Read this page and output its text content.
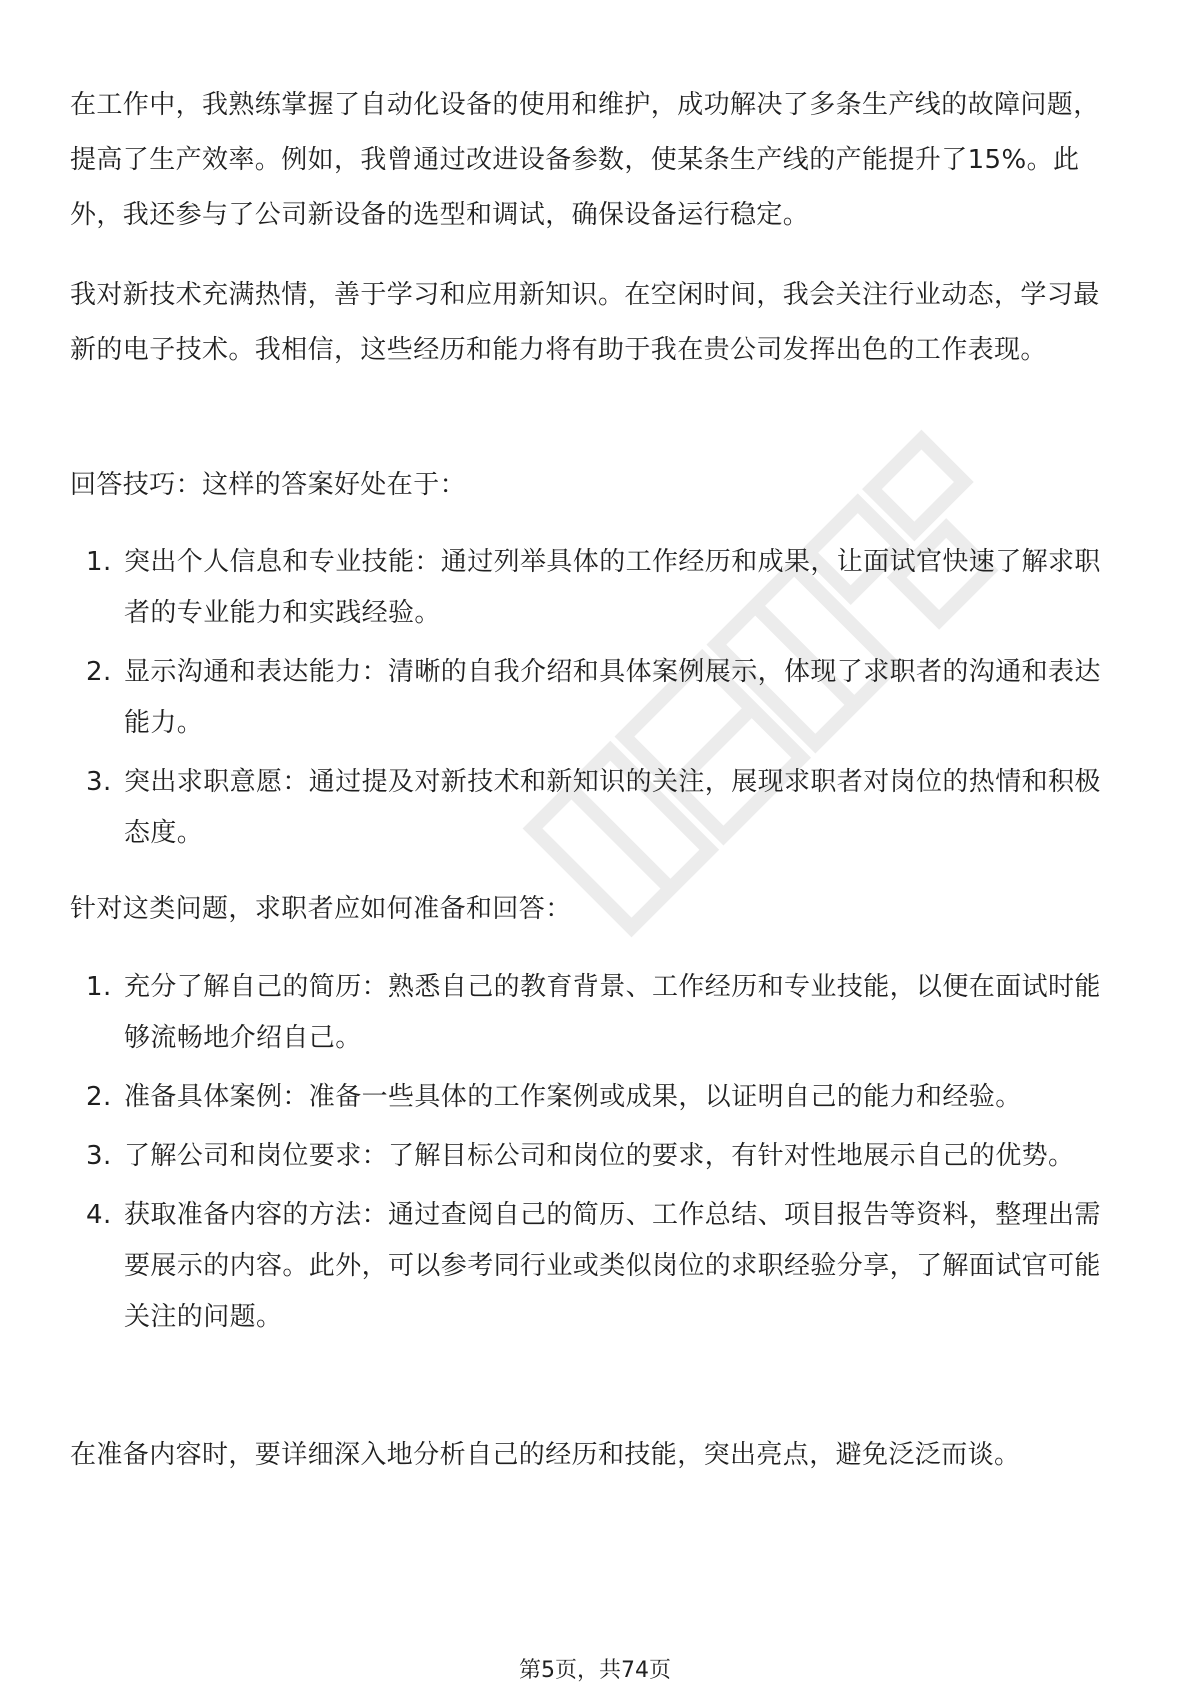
在工作中，我熟练掌握了自动化设备的使用和维护，成功解决了多条生产线的故障问题，提高了生产效率。例如，我曾通过改进设备参数，使某条生产线的产能提升了15%。此外，我还参与了公司新设备的选型和调试，确保设备运行稳定。
我对新技术充满热情，善于学习和应用新知识。在空闲时间，我会关注行业动态，学习最新的电子技术。我相信，这些经历和能力将有助于我在贵公司发挥出色的工作表现。
回答技巧：这样的答案好处在于：
1. 突出个人信息和专业技能：通过列举具体的工作经历和成果，让面试官快速了解求职者的专业能力和实践经验。
2. 显示沟通和表达能力：清晰的自我介绍和具体案例展示，体现了求职者的沟通和表达能力。
3. 突出求职意愿：通过提及对新技术和新知识的关注，展现求职者对岗位的热情和积极态度。
针对这类问题，求职者应如何准备和回答：
1. 充分了解自己的简历：熟悉自己的教育背景、工作经历和专业技能，以便在面试时能够流畅地介绍自己。
2. 准备具体案例：准备一些具体的工作案例或成果，以证明自己的能力和经验。
3. 了解公司和岗位要求：了解目标公司和岗位的要求，有针对性地展示自己的优势。
4. 获取准备内容的方法：通过查阅自己的简历、工作总结、项目报告等资料，整理出需要展示的内容。此外，可以参考同行业或类似岗位的求职经验分享，了解面试官可能关注的问题。
在准备内容时，要详细深入地分析自己的经历和技能，突出亮点，避免泛泛而谈。
第5页，共74页
